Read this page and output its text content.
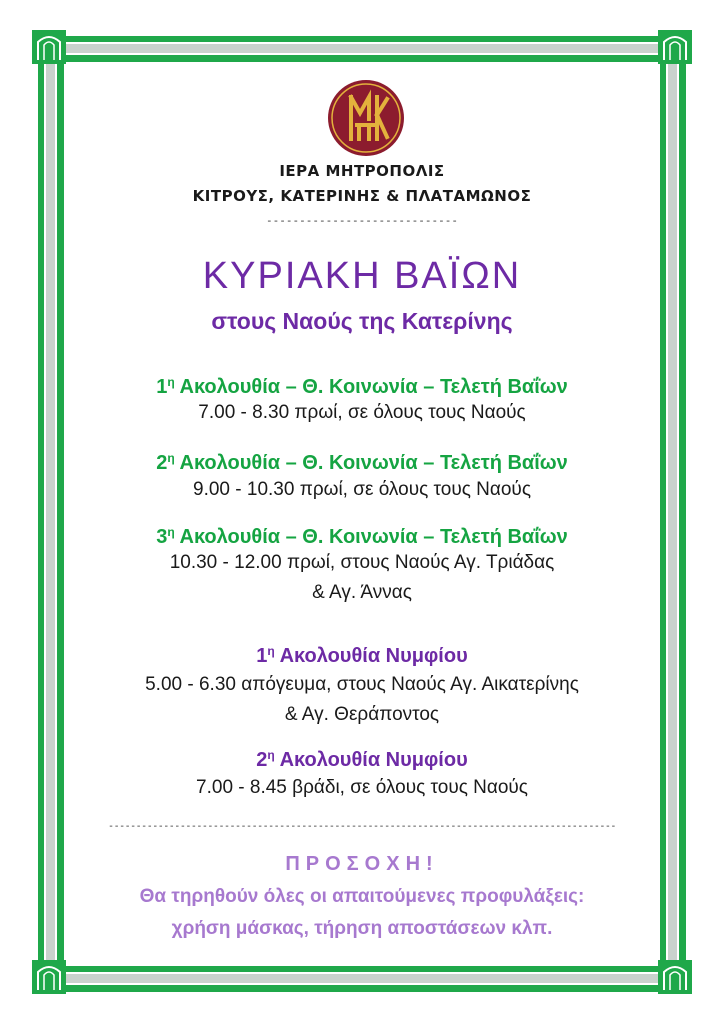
ΙΕΡΑ ΜΗΤΡΟΠΟΛΙΣ
ΚΙΤΡΟΥΣ, ΚΑΤΕΡΙΝΗΣ & ΠΛΑΤΑΜΩΝΟΣ
-----------------------------
ΚΥΡΙΑΚΗ ΒΑΪΩΝ
στους Ναούς της Κατερίνης
$1^\eta$ Ακολουθία – Θ. Κοινωνία – Τελετή Βαΐων
7.00 - 8.30 πρωί, σε όλους τους Ναούς
$2^\eta$ Ακολουθία – Θ. Κοινωνία – Τελετή Βαΐων
9.00 - 10.30 πρωί, σε όλους τους Ναούς
$3^\eta$ Ακολουθία – Θ. Κοινωνία – Τελετή Βαΐων
10.30 - 12.00 πρωί, στους Ναούς Αγ. Τριάδας
& Αγ. Άννας
$1^\eta$ Ακολουθία Νυμφίου
5.00 - 6.30 απόγευμα, στους Ναούς Αγ. Αικατερίνης
& Αγ. Θεράποντος
$2^\eta$ Ακολουθία Νυμφίου
7.00 - 8.45 βράδι, σε όλους τους Ναούς
--------------------------------------------------------------------------------------------
ΠΡΟΣΟΧΗ!
Θα τηρηθούν όλες οι απαιτούμενες προφυλάξεις:
χρήση μάσκας, τήρηση αποστάσεων κλπ.
